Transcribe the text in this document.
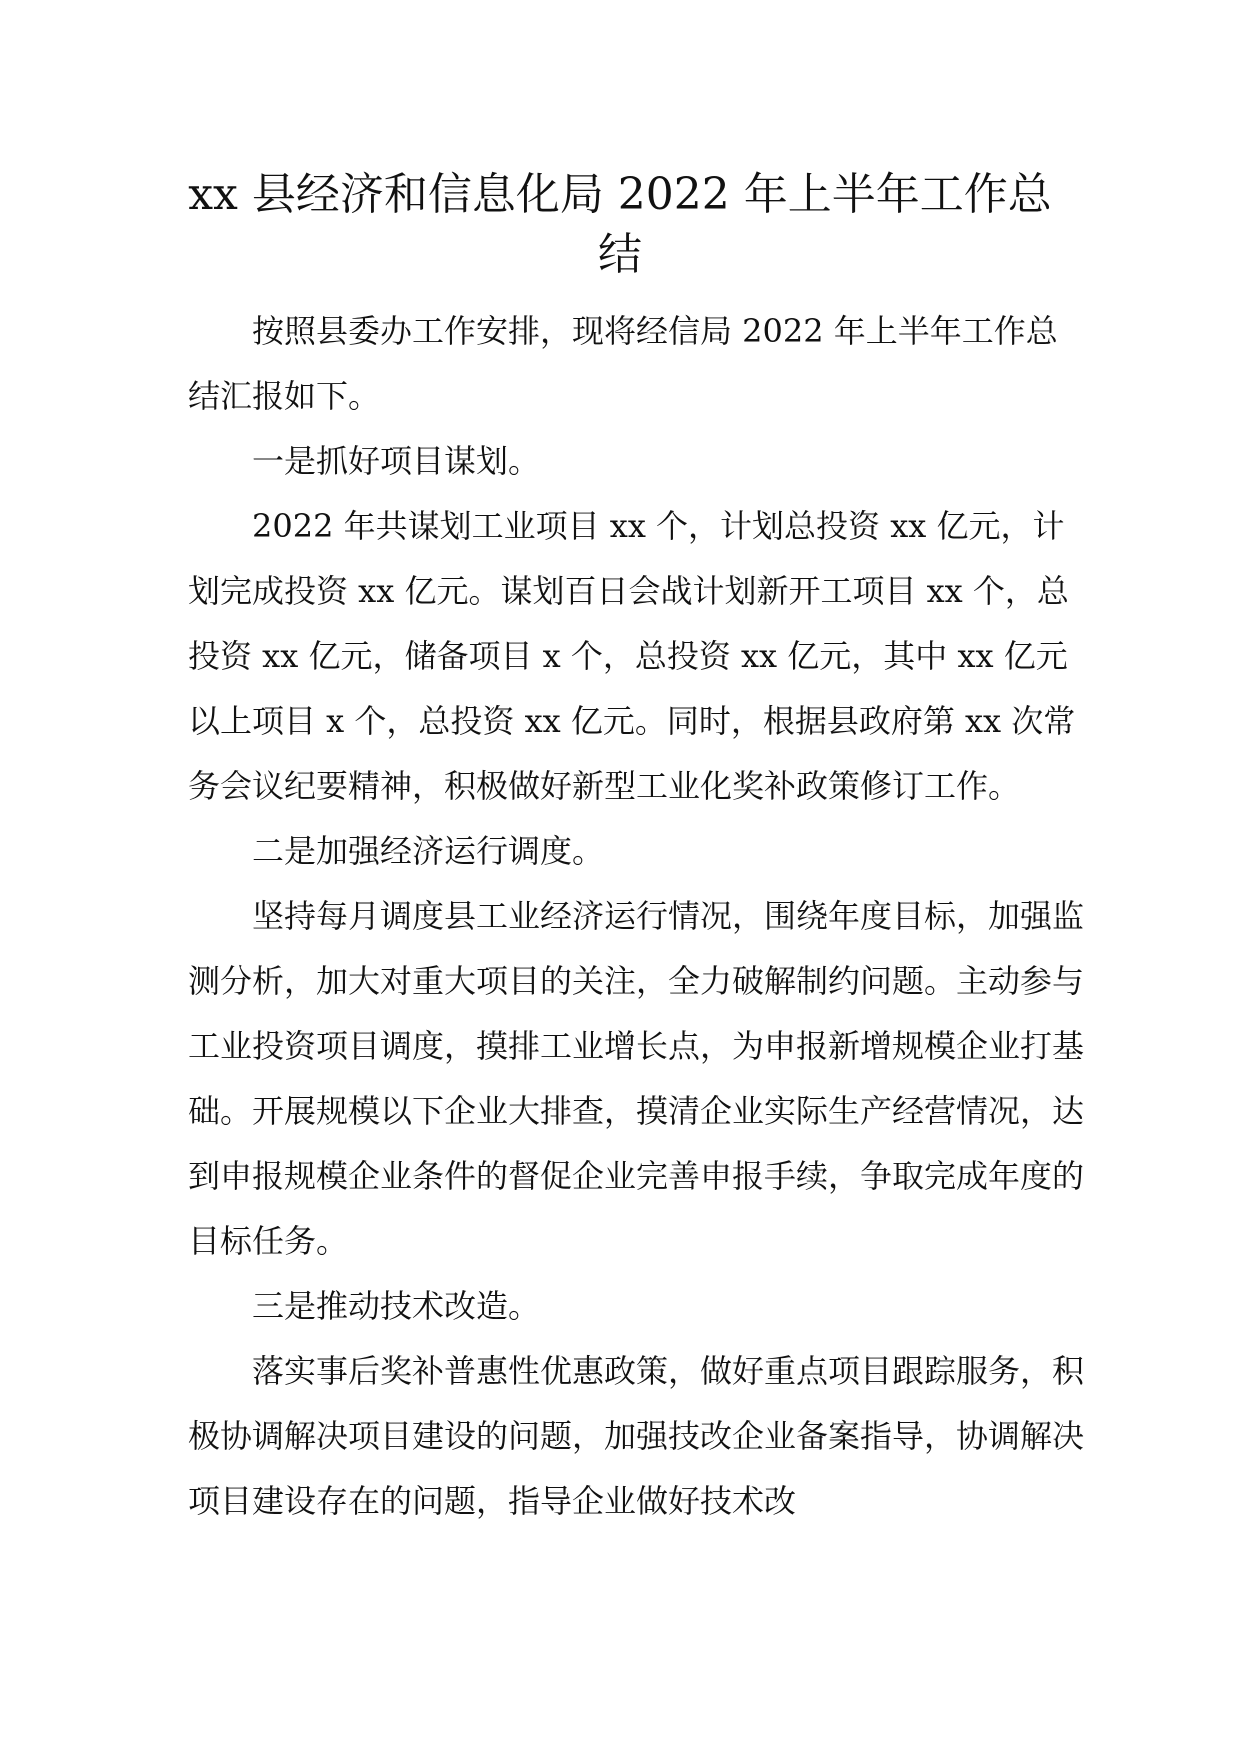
xx 县经济和信息化局 2022 年上半年工作总
结

按照县委办工作安排，现将经信局 2022 年上半年工作总结汇报如下。

一是抓好项目谋划。

2022 年共谋划工业项目 xx 个，计划总投资 xx 亿元，计划完成投资 xx 亿元。谋划百日会战计划新开工项目 xx 个，总投资 xx 亿元，储备项目 x 个，总投资 xx 亿元，其中 xx 亿元以上项目 x 个，总投资 xx 亿元。同时，根据县政府第 xx 次常务会议纪要精神，积极做好新型工业化奖补政策修订工作。

二是加强经济运行调度。

坚持每月调度县工业经济运行情况，围绕年度目标，加强监测分析，加大对重大项目的关注，全力破解制约问题。主动参与工业投资项目调度，摸排工业增长点，为申报新增规模企业打基础。开展规模以下企业大排查，摸清企业实际生产经营情况，达到申报规模企业条件的督促企业完善申报手续，争取完成年度的目标任务。

三是推动技术改造。

落实事后奖补普惠性优惠政策，做好重点项目跟踪服务，积极协调解决项目建设的问题，加强技改企业备案指导，协调解决项目建设存在的问题，指导企业做好技术改
